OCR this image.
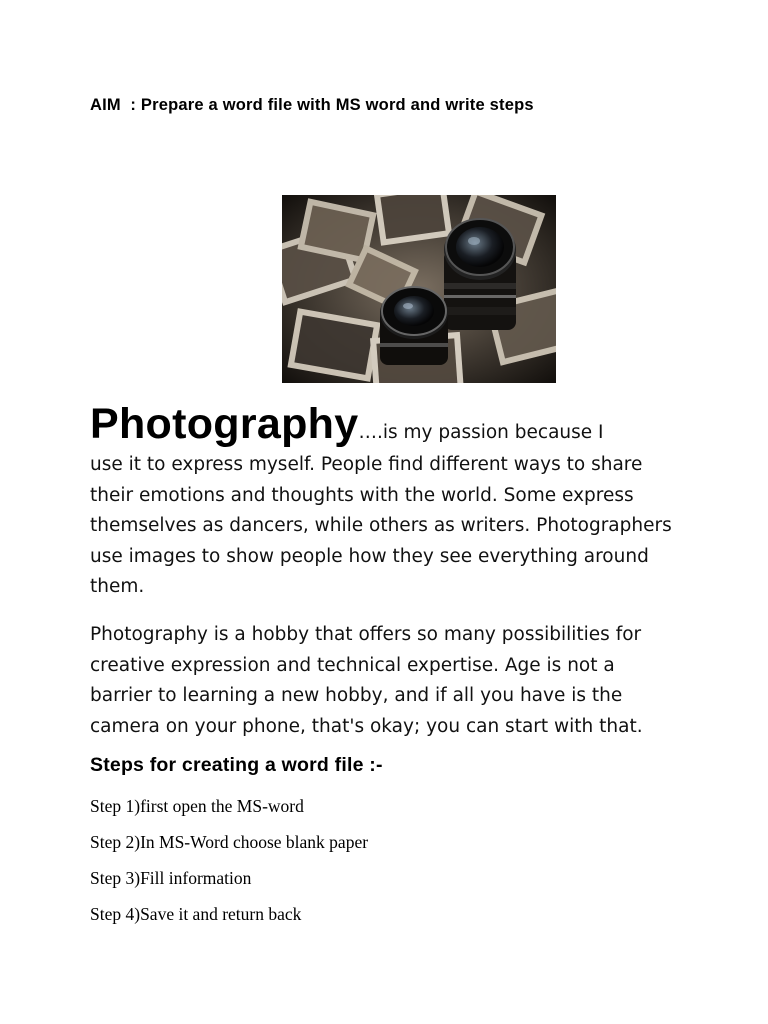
AIM  : Prepare a word file with MS word and write steps
Photography….is my passion because I
use it to express myself. People find different ways to share
their emotions and thoughts with the world. Some express
themselves as dancers, while others as writers. Photographers
use images to show people how they see everything around
them.
Photography is a hobby that offers so many possibilities for
creative expression and technical expertise. Age is not a
barrier to learning a new hobby, and if all you have is the
camera on your phone, that's okay; you can start with that.
Steps for creating a word file :-
Step 1)first open the MS-word
Step 2)In MS-Word choose blank paper
Step 3)Fill information
Step 4)Save it and return back
